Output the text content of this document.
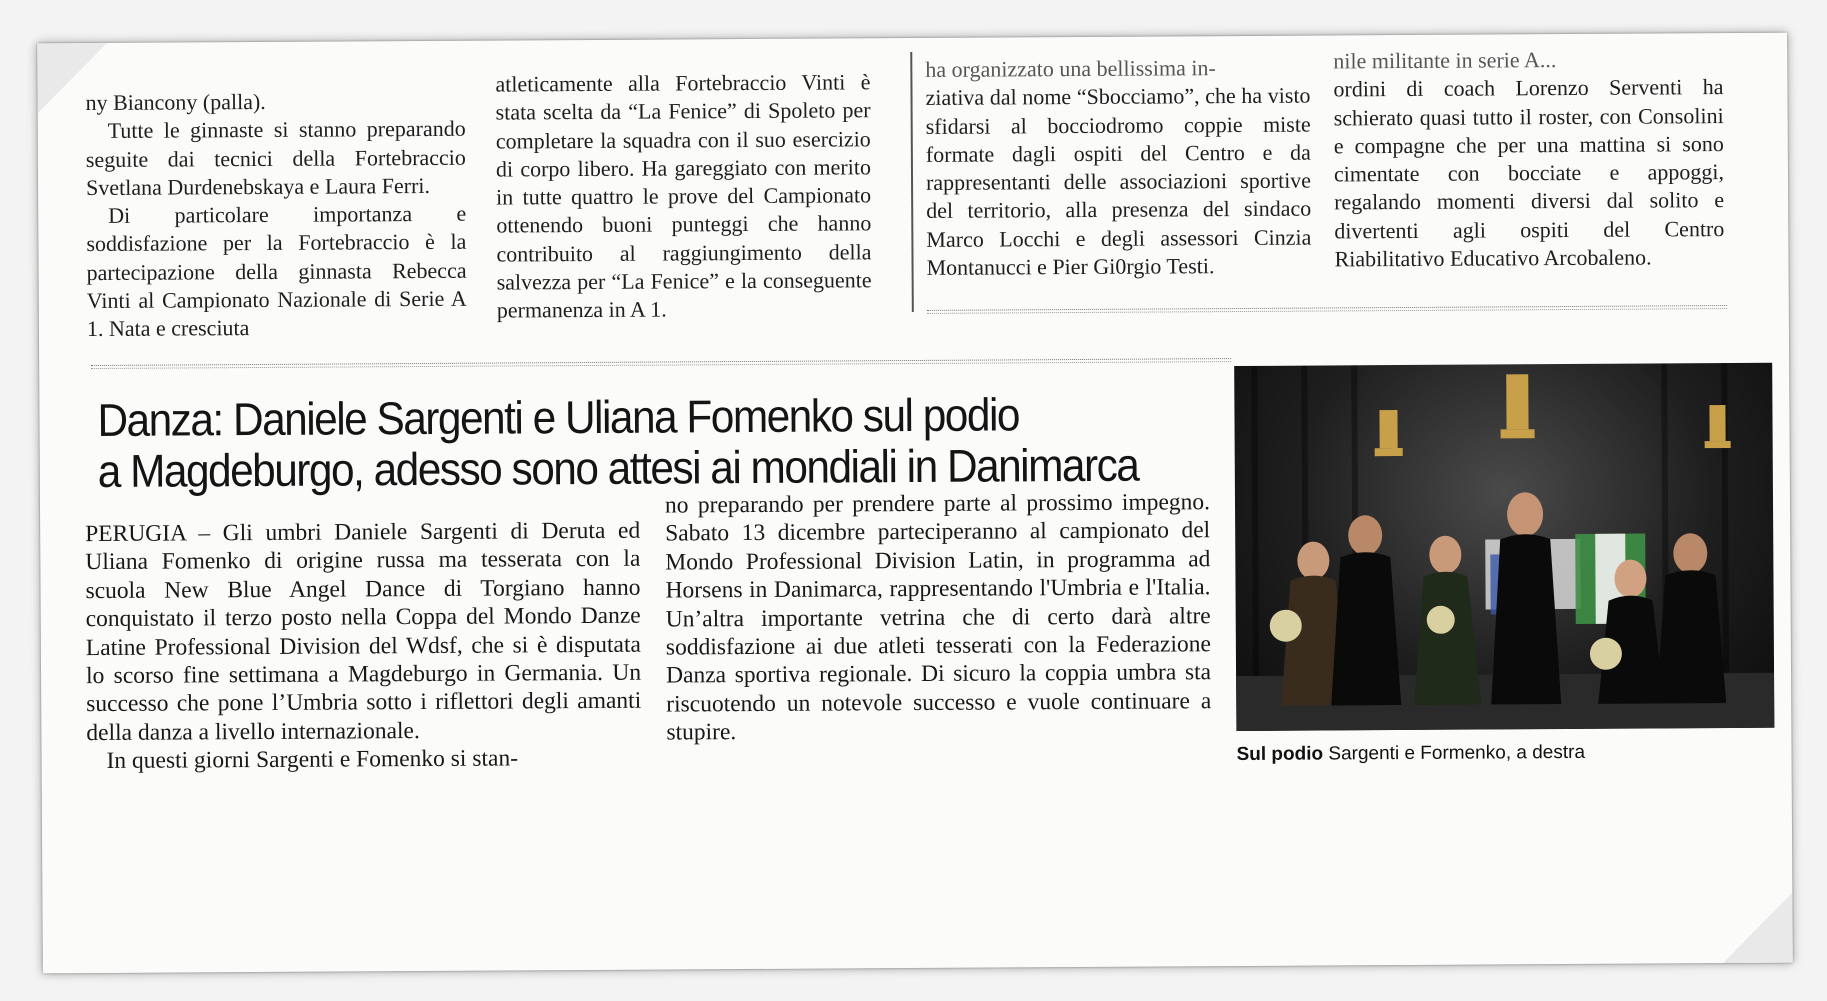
ny Biancony (palla).

Tutte le ginnaste si stanno preparando seguite dai tecnici della Fortebraccio Svetlana Durdenebskaya e Laura Ferri.

Di particolare importanza e soddisfazione per la Fortebraccio è la partecipazione della ginnasta Rebecca Vinti al Campionato Nazionale di Serie A 1. Nata e cresciuta

atleticamente alla Fortebraccio Vinti è stata scelta da “La Fenice” di Spoleto per completare la squadra con il suo esercizio di corpo libero. Ha gareggiato con merito in tutte quattro le prove del Campionato ottenendo buoni punteggi che hanno contribuito al raggiungimento della salvezza per “La Fenice” e la conseguente permanenza in A 1.

ha organizzato una bellissima in-

ziativa dal nome “Sbocciamo”, che ha visto sfidarsi al bocciodromo coppie miste formate dagli ospiti del Centro e da rappresentanti delle associazioni sportive del territorio, alla presenza del sindaco Marco Locchi e degli assessori Cinzia Montanucci e Pier Gi0rgio Testi.

nile militante in serie A...

ordini di coach Lorenzo Serventi ha schierato quasi tutto il roster, con Consolini e compagne che per una mattina si sono cimentate con bocciate e appoggi, regalando momenti diversi dal solito e divertenti agli ospiti del Centro Riabilitativo Educativo Arcobaleno.

Danza: Daniele Sargenti e Uliana Fomenko sul podio
a Magdeburgo, adesso sono attesi ai mondiali in Danimarca

PERUGIA – Gli umbri Daniele Sargenti di Deruta ed Uliana Fomenko di origine russa ma tesserata con la scuola New Blue Angel Dance di Torgiano hanno conquistato il terzo posto nella Coppa del Mondo Danze Latine Professional Division del Wdsf, che si è disputata lo scorso fine settimana a Magdeburgo in Germania. Un successo che pone l’Umbria sotto i riflettori degli amanti della danza a livello internazionale.

In questi giorni Sargenti e Fomenko si stan-

no preparando per prendere parte al prossimo impegno. Sabato 13 dicembre parteciperanno al campionato del Mondo Professional Division Latin, in programma ad Horsens in Danimarca, rappresentando l'Umbria e l'Italia. Un’altra importante vetrina che di certo darà altre soddisfazione ai due atleti tesserati con la Federazione Danza sportiva regionale. Di sicuro la coppia umbra sta riscuotendo un notevole successo e vuole continuare a stupire.

Sul podio Sargenti e Formenko, a destra
